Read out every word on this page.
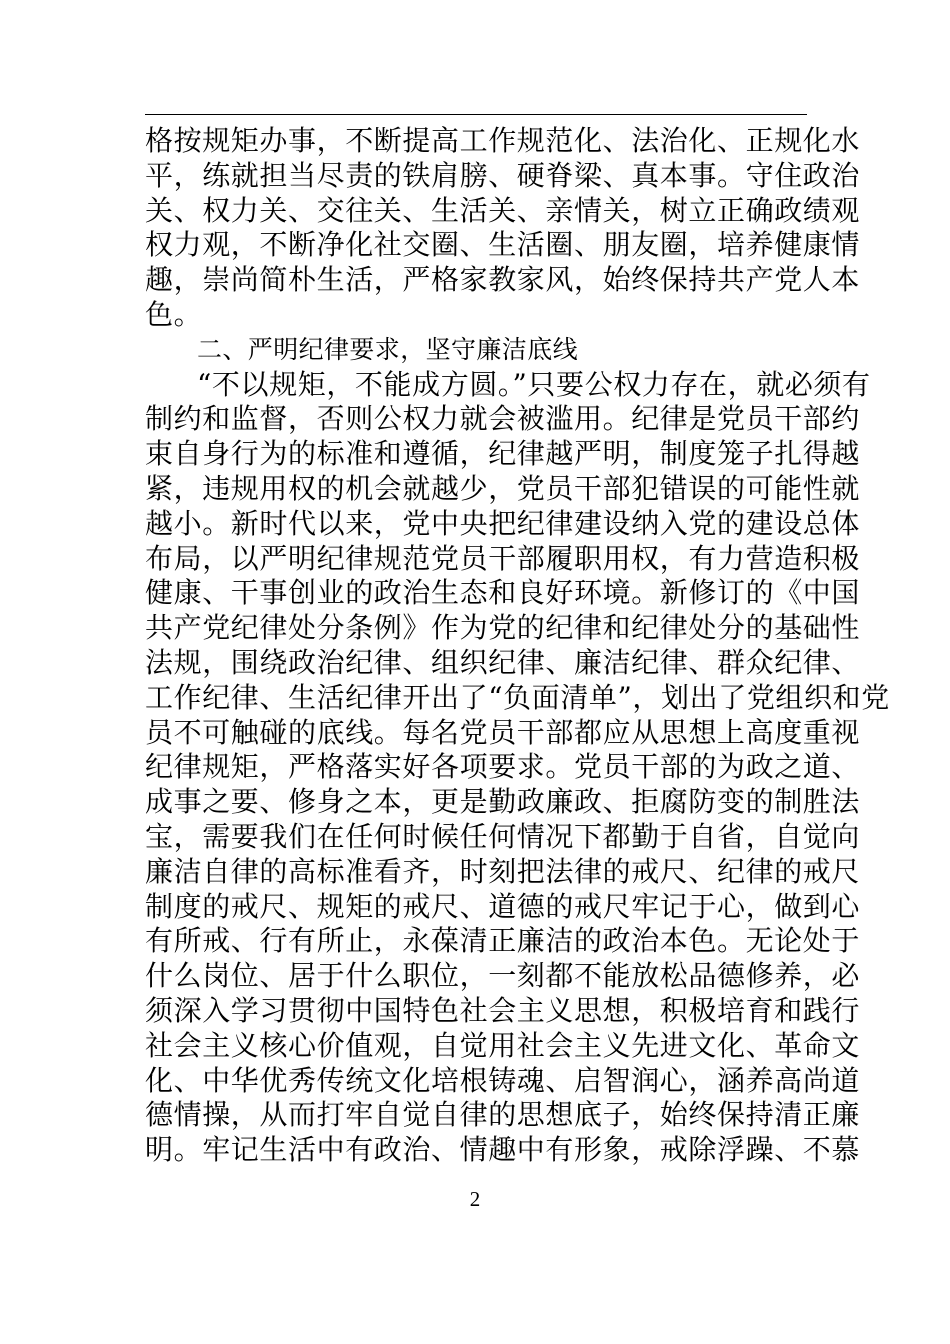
格按规矩办事，不断提高工作规范化、法治化、正规化水
平，练就担当尽责的铁肩膀、硬脊梁、真本事。守住政治
关、权力关、交往关、生活关、亲情关，树立正确政绩观
权力观，不断净化社交圈、生活圈、朋友圈，培养健康情
趣，崇尚简朴生活，严格家教家风，始终保持共产党人本
色。
二、严明纪律要求，坚守廉洁底线
“不以规矩，不能成方圆。”只要公权力存在，就必须有
制约和监督，否则公权力就会被滥用。纪律是党员干部约
束自身行为的标准和遵循，纪律越严明，制度笼子扎得越
紧，违规用权的机会就越少，党员干部犯错误的可能性就
越小。新时代以来，党中央把纪律建设纳入党的建设总体
布局，以严明纪律规范党员干部履职用权，有力营造积极
健康、干事创业的政治生态和良好环境。新修订的《中国
共产党纪律处分条例》作为党的纪律和纪律处分的基础性
法规，围绕政治纪律、组织纪律、廉洁纪律、群众纪律、
工作纪律、生活纪律开出了“负面清单”，划出了党组织和党
员不可触碰的底线。每名党员干部都应从思想上高度重视
纪律规矩，严格落实好各项要求。党员干部的为政之道、
成事之要、修身之本，更是勤政廉政、拒腐防变的制胜法
宝，需要我们在任何时候任何情况下都勤于自省，自觉向
廉洁自律的高标准看齐，时刻把法律的戒尺、纪律的戒尺
制度的戒尺、规矩的戒尺、道德的戒尺牢记于心，做到心
有所戒、行有所止，永葆清正廉洁的政治本色。无论处于
什么岗位、居于什么职位，一刻都不能放松品德修养，必
须深入学习贯彻中国特色社会主义思想，积极培育和践行
社会主义核心价值观，自觉用社会主义先进文化、革命文
化、中华优秀传统文化培根铸魂、启智润心，涵养高尚道
德情操，从而打牢自觉自律的思想底子，始终保持清正廉
明。牢记生活中有政治、情趣中有形象，戒除浮躁、不慕
2
